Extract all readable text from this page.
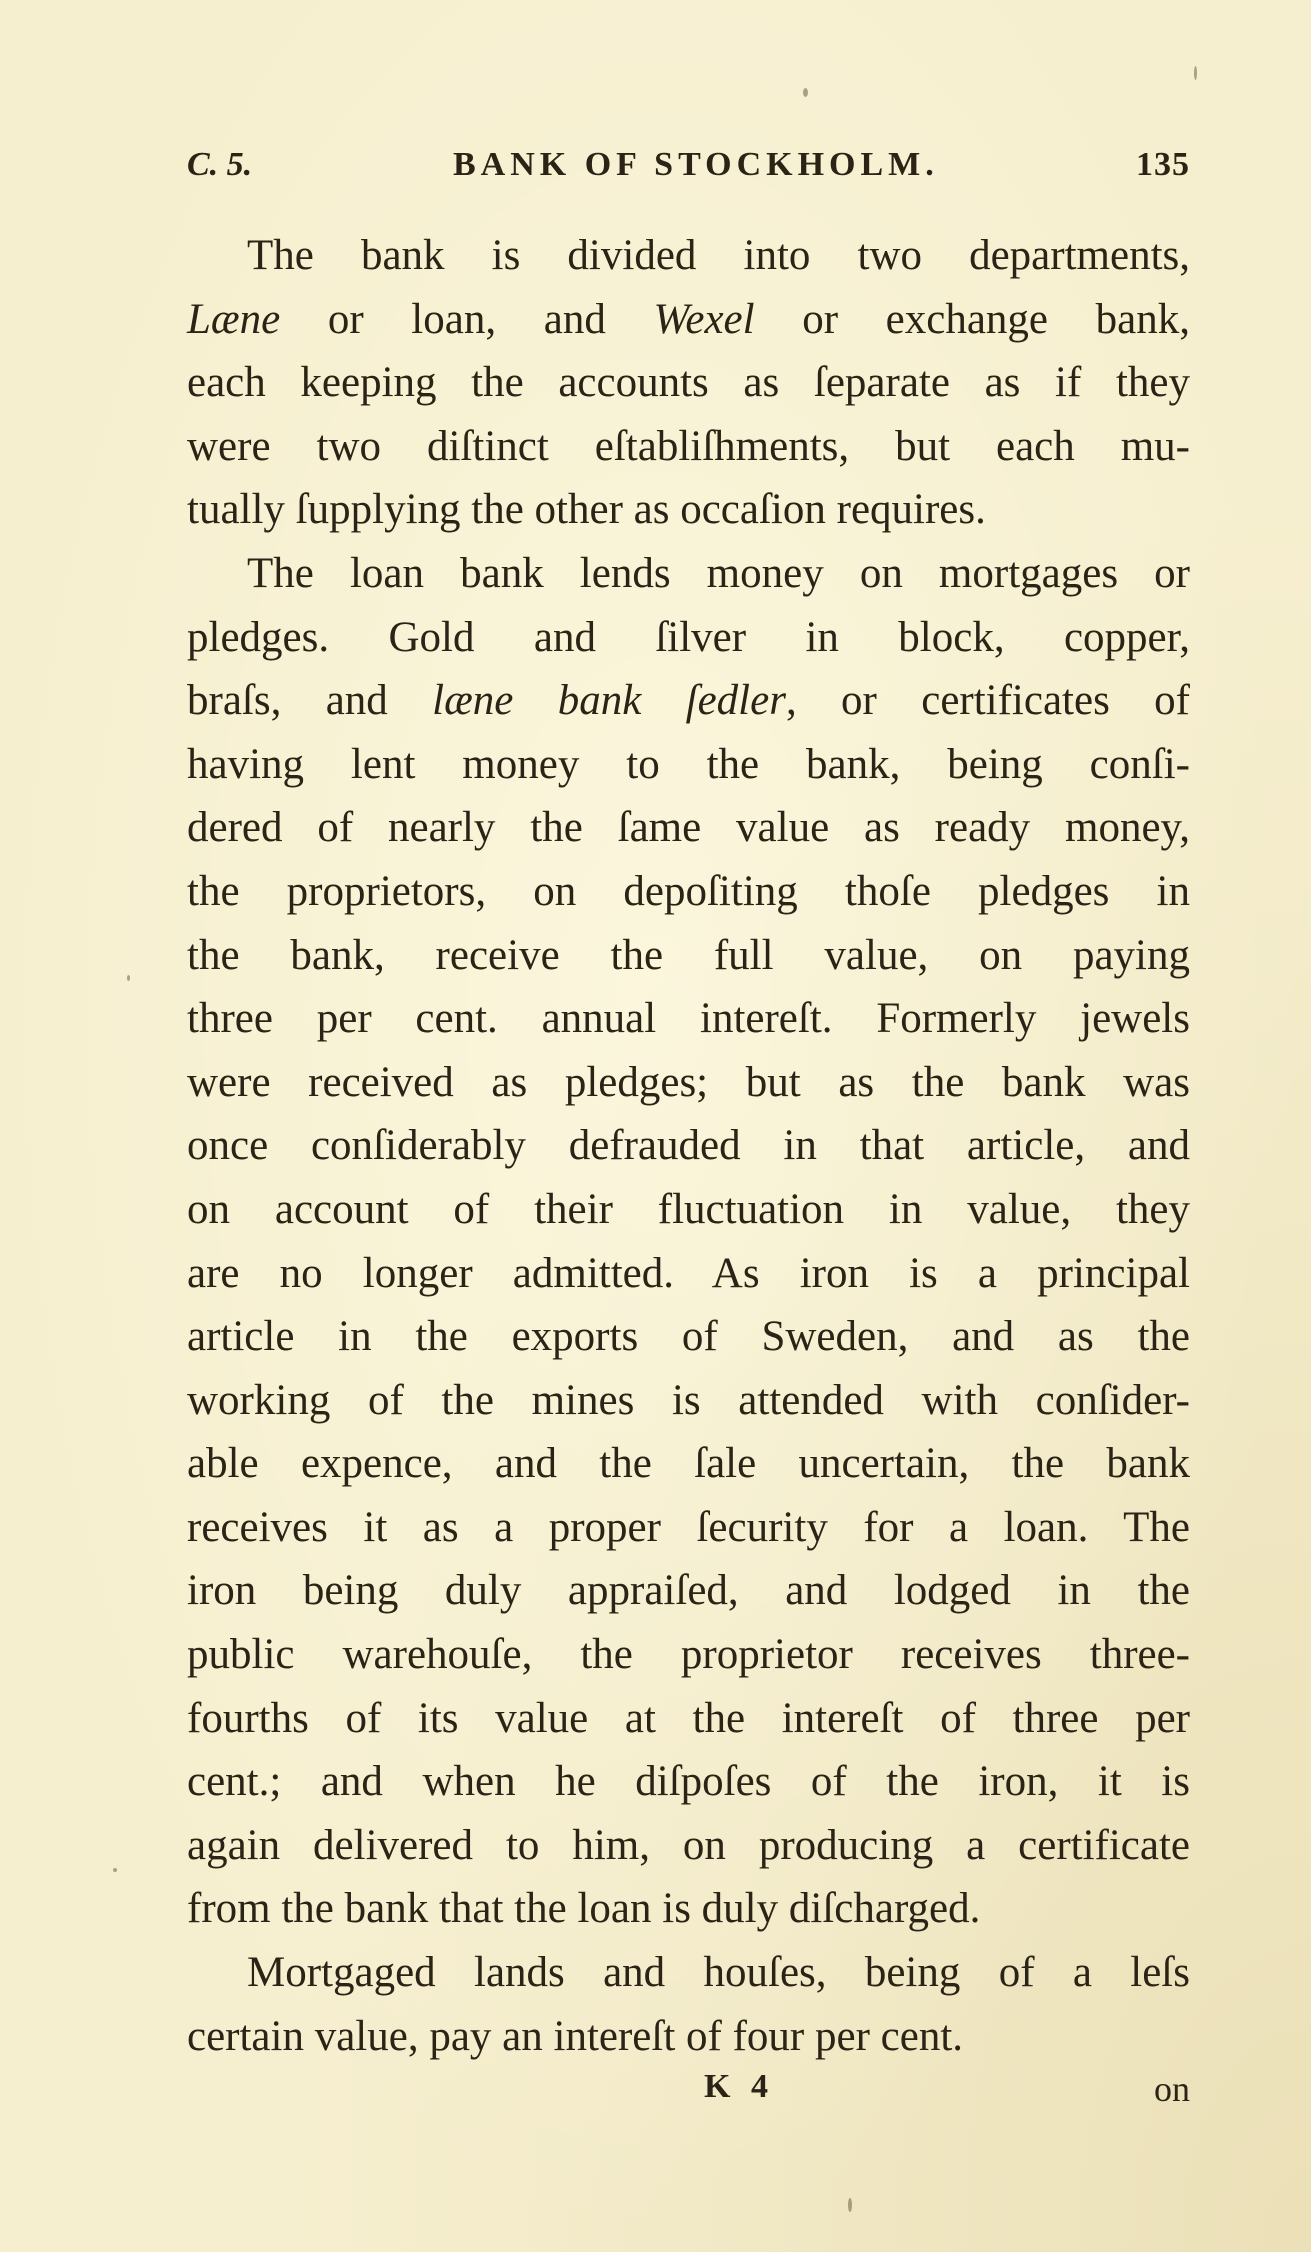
C. 5.	BANK OF STOCKHOLM.	135
The bank is divided into two departments,
Læne or loan, and Wexel or exchange bank,
each keeping the accounts as ſeparate as if they
were two diſtinct eſtabliſhments, but each mu-
tually ſupplying the other as occaſion requires.
The loan bank lends money on mortgages or
pledges. Gold and ſilver in block, copper,
braſs, and læne bank ſedler, or certificates of
having lent money to the bank, being conſi-
dered of nearly the ſame value as ready money,
the proprietors, on depoſiting thoſe pledges in
the bank, receive the full value, on paying
three per cent. annual intereſt. Formerly jewels
were received as pledges; but as the bank was
once conſiderably defrauded in that article, and
on account of their fluctuation in value, they
are no longer admitted. As iron is a principal
article in the exports of Sweden, and as the
working of the mines is attended with conſider-
able expence, and the ſale uncertain, the bank
receives it as a proper ſecurity for a loan. The
iron being duly appraiſed, and lodged in the
public warehouſe, the proprietor receives three-
fourths of its value at the intereſt of three per
cent.; and when he diſpoſes of the iron, it is
again delivered to him, on producing a certificate
from the bank that the loan is duly diſcharged.
Mortgaged lands and houſes, being of a leſs
certain value, pay an intereſt of four per cent.
K 4	on
